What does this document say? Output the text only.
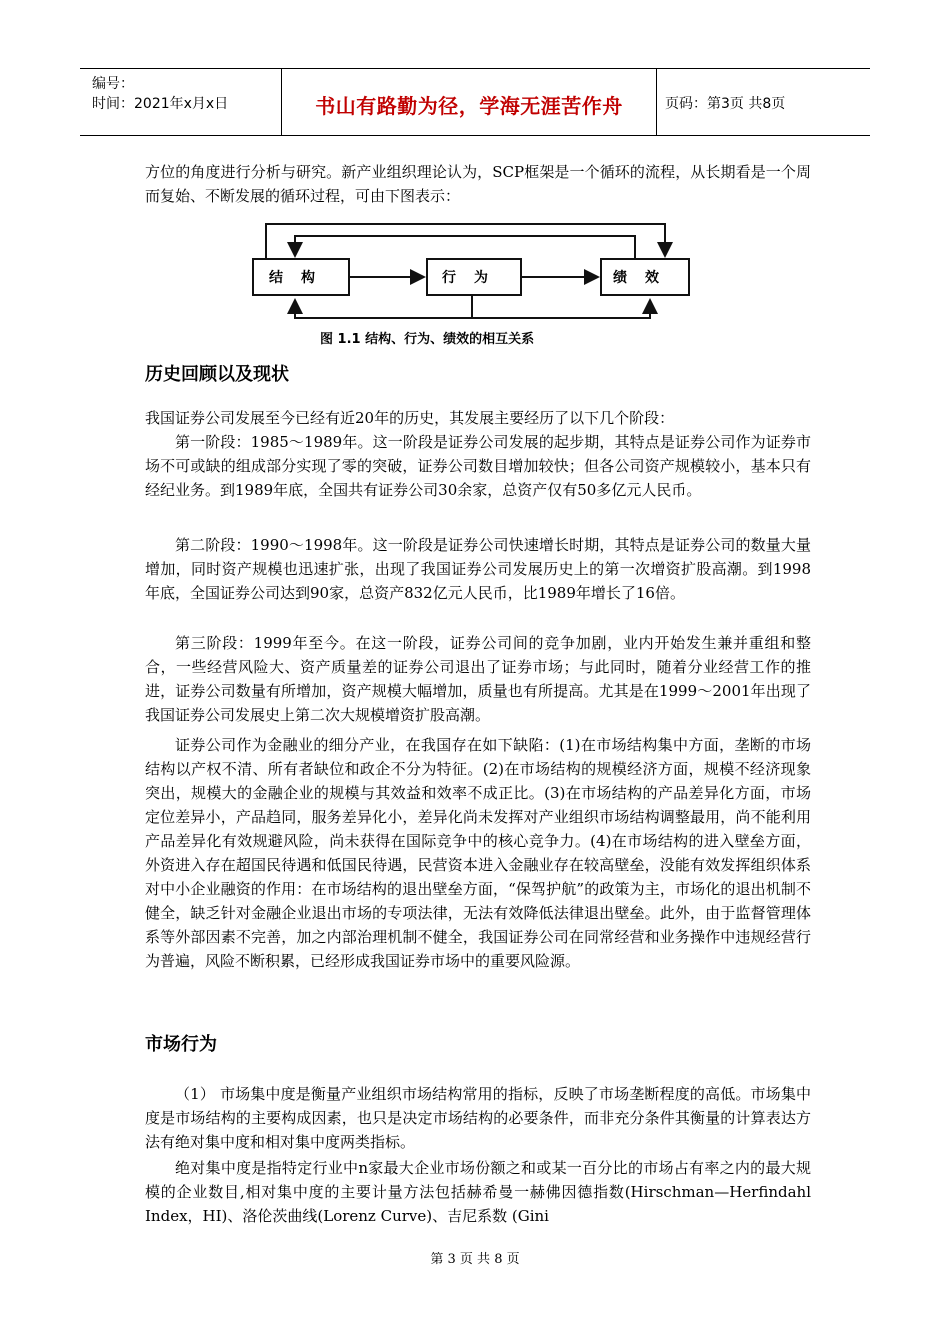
编号：
时间：2021年x月x日	书山有路勤为径，学海无涯苦作舟	页码：第3页 共8页

方位的角度进行分析与研究。新产业组织理论认为，SCP框架是一个循环的流程，从长期看是一个周而复始、不断发展的循环过程，可由下图表示：

结构	行为	绩效
图 1.1 结构、行为、绩效的相互关系
历史回顾以及现状

我国证券公司发展至今已经有近20年的历史，其发展主要经历了以下几个阶段：

第一阶段：1985～1989年。这一阶段是证券公司发展的起步期，其特点是证券公司作为证券市场不可或缺的组成部分实现了零的突破，证券公司数目增加较快；但各公司资产规模较小，基本只有经纪业务。到1989年底，全国共有证券公司30余家，总资产仅有50多亿元人民币。

第二阶段：1990～1998年。这一阶段是证券公司快速增长时期，其特点是证券公司的数量大量增加，同时资产规模也迅速扩张，出现了我国证券公司发展历史上的第一次增资扩股高潮。到1998年底，全国证券公司达到90家，总资产832亿元人民币，比1989年增长了16倍。

第三阶段：1999年至今。在这一阶段，证券公司间的竞争加剧，业内开始发生兼并重组和整合，一些经营风险大、资产质量差的证券公司退出了证券市场；与此同时，随着分业经营工作的推进，证券公司数量有所增加，资产规模大幅增加，质量也有所提高。尤其是在1999～2001年出现了我国证券公司发展史上第二次大规模增资扩股高潮。

证券公司作为金融业的细分产业，在我国存在如下缺陷：(1)在市场结构集中方面，垄断的市场结构以产权不清、所有者缺位和政企不分为特征。(2)在市场结构的规模经济方面，规模不经济现象突出，规模大的金融企业的规模与其效益和效率不成正比。(3)在市场结构的产品差异化方面，市场定位差异小，产品趋同，服务差异化小，差异化尚未发挥对产业组织市场结构调整最用，尚不能利用产品差异化有效规避风险，尚未获得在国际竞争中的核心竞争力。(4)在市场结构的进入壁垒方面，外资进入存在超国民待遇和低国民待遇，民营资本进入金融业存在较高壁垒，没能有效发挥组织体系对中小企业融资的作用：在市场结构的退出壁垒方面，“保驾护航”的政策为主，市场化的退出机制不健全，缺乏针对金融企业退出市场的专项法律，无法有效降低法律退出壁垒。此外，由于监督管理体系等外部因素不完善，加之内部治理机制不健全，我国证券公司在同常经营和业务操作中违规经营行为普遍，风险不断积累，已经形成我国证券市场中的重要风险源。

市场行为

（1） 市场集中度是衡量产业组织市场结构常用的指标，反映了市场垄断程度的高低。市场集中度是市场结构的主要构成因素，也只是决定市场结构的必要条件，而非充分条件其衡量的计算表达方法有绝对集中度和相对集中度两类指标。

绝对集中度是指特定行业中n家最大企业市场份额之和或某一百分比的市场占有率之内的最大规模的企业数目,相对集中度的主要计量方法包括赫希曼一赫佛因德指数(Hirschman—Herfindahl Index，HI)、洛伦茨曲线(Lorenz Curve)、吉尼系数 (Gini

第 3 页 共 8 页
